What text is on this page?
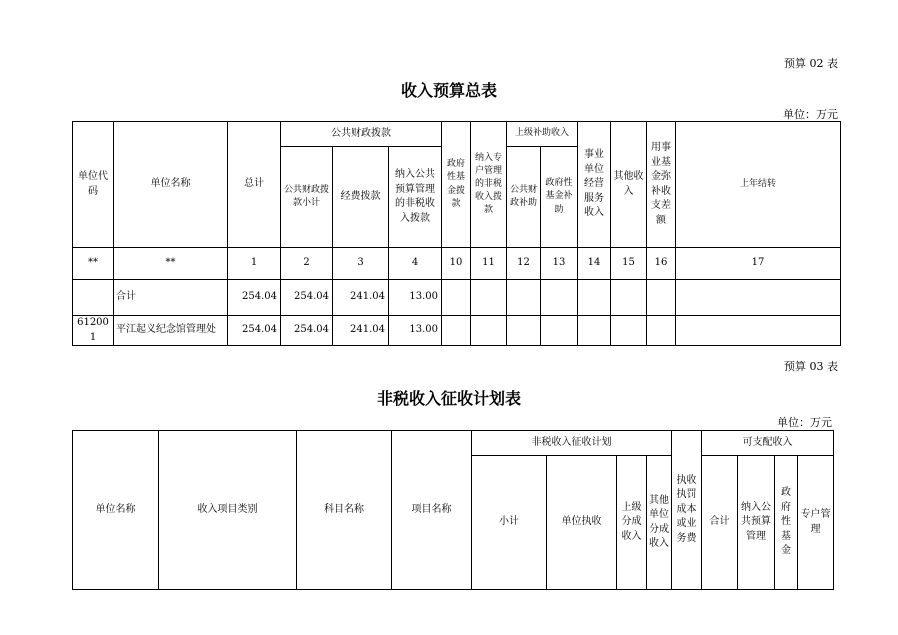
预算 02 表
收入预算总表
单位：万元
单位代码	单位名称	总计	公共财政拨款			政府性基金拨款	纳入专户管理的非税收入拨款	上级补助收入		事业单位经营服务收入	其他收入	用事业基金弥补收支差额	上年结转
			公共财政拨款小计	经费拨款	纳入公共预算管理的非税收入拨款			公共财政补助	政府性基金补助				
**	**	1	2	3	4	10	11	12	13	14	15	16	17
	合计	254.04	254.04	241.04	13.00								
612001	平江起义纪念馆管理处	254.04	254.04	241.04	13.00								
预算 03 表
非税收入征收计划表
单位：万元
单位名称	收入项目类别	科目名称	项目名称	非税收入征收计划				执收执罚成本或业务费	可支配收入			
				小计	单位执收	上级分成收入	其他单位分成收入		合计	纳入公共预算管理	政府性基金	专户管理
